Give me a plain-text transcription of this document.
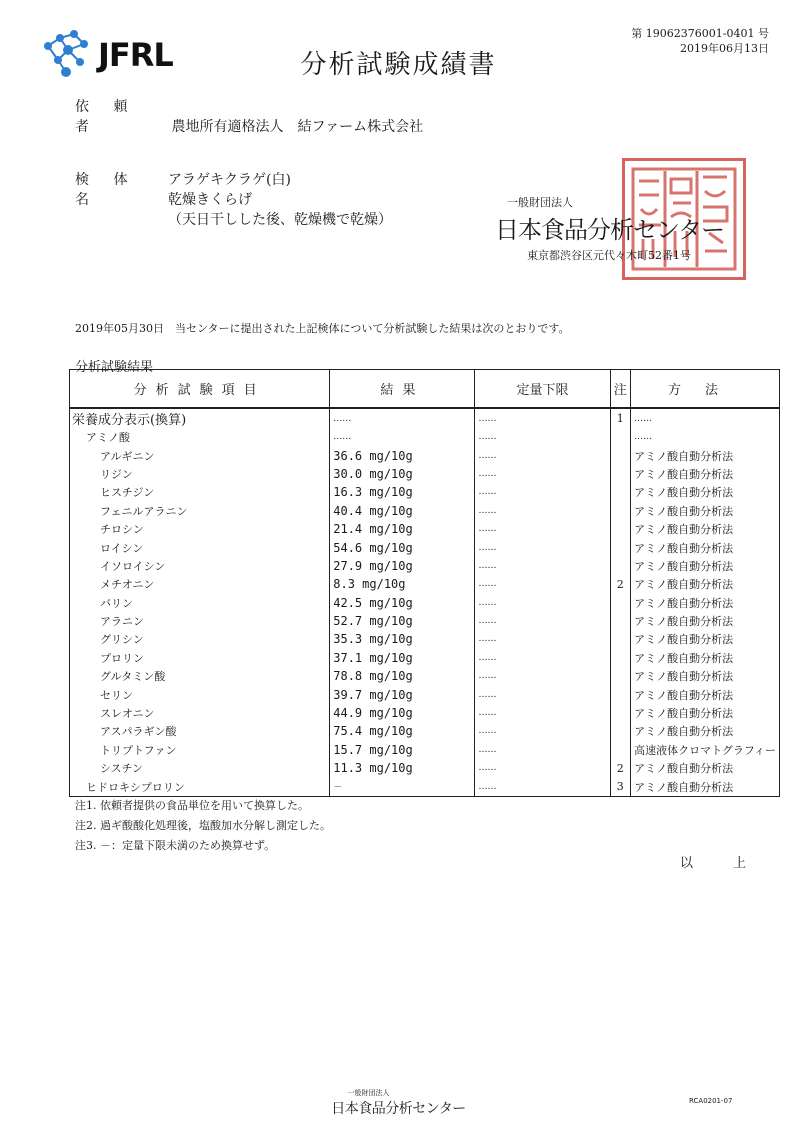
JFRL	分析試験成績書
第 19062376001-0401 号
2019年06月13日
依 頼 者	農地所有適格法人　結ファーム株式会社
検 体 名
アラゲキクラゲ(白)
乾燥きくらげ
（天日干しした後、乾燥機で乾燥）
一般財団法人
日本食品分析センター
東京都渋谷区元代々木町52番1号
2019年05月30日　当センターに提出された上記検体について分析試験した結果は次のとおりです。
分析試験結果
分析試験項目	結果	定量下限	注	方法
栄養成分表示(換算)	……	……	1	……
アミノ酸	……	……		……
アルギニン	36.6 mg/10g	……		アミノ酸自動分析法
リジン	30.0 mg/10g	……		アミノ酸自動分析法
ヒスチジン	16.3 mg/10g	……		アミノ酸自動分析法
フェニルアラニン	40.4 mg/10g	……		アミノ酸自動分析法
チロシン	21.4 mg/10g	……		アミノ酸自動分析法
ロイシン	54.6 mg/10g	……		アミノ酸自動分析法
イソロイシン	27.9 mg/10g	……		アミノ酸自動分析法
メチオニン	8.3 mg/10g	……	2	アミノ酸自動分析法
バリン	42.5 mg/10g	……		アミノ酸自動分析法
アラニン	52.7 mg/10g	……		アミノ酸自動分析法
グリシン	35.3 mg/10g	……		アミノ酸自動分析法
プロリン	37.1 mg/10g	……		アミノ酸自動分析法
グルタミン酸	78.8 mg/10g	……		アミノ酸自動分析法
セリン	39.7 mg/10g	……		アミノ酸自動分析法
スレオニン	44.9 mg/10g	……		アミノ酸自動分析法
アスパラギン酸	75.4 mg/10g	……		アミノ酸自動分析法
トリプトファン	15.7 mg/10g	……		高速液体クロマトグラフィー
シスチン	11.3 mg/10g	……	2	アミノ酸自動分析法
ヒドロキシプロリン	－	……	3	アミノ酸自動分析法
注1. 依頼者提供の食品単位を用いて換算した。
注2. 過ギ酸酸化処理後，塩酸加水分解し測定した。
注3. －：定量下限未満のため換算せず。
以 上
一般財団法人
日本食品分析センター	RCA0201-07
